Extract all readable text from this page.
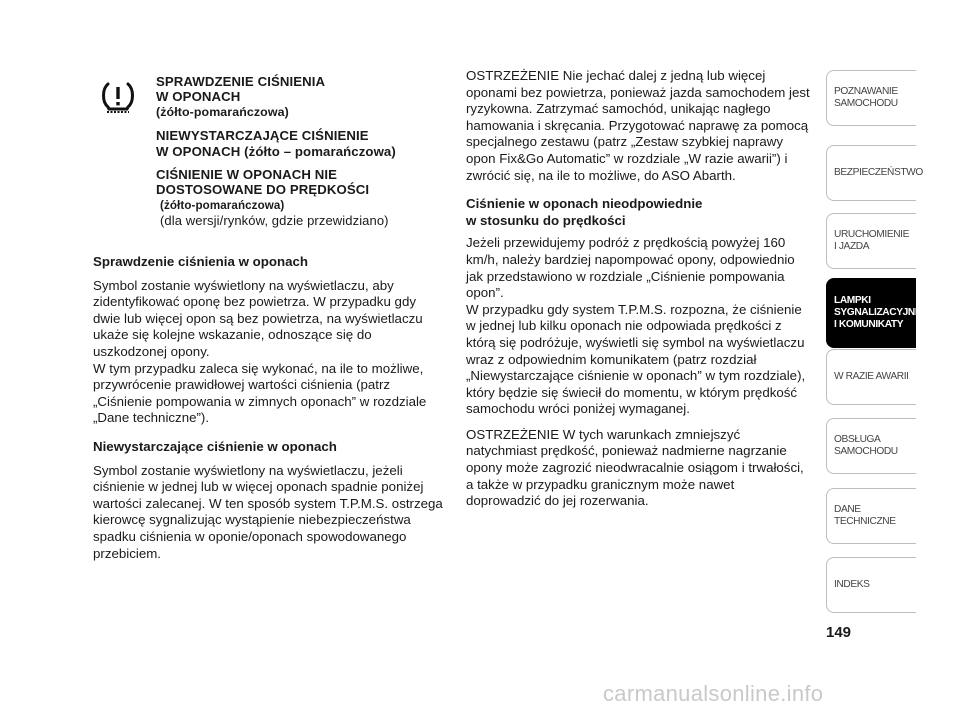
SPRAWDZENIE CIŚNIENIA
W OPONACH
(żółto-pomarańczowa)
NIEWYSTARCZAJĄCE CIŚNIENIE
W OPONACH (żółto – pomarańczowa)
CIŚNIENIE W OPONACH NIE
DOSTOSOWANE DO PRĘDKOŚCI
(żółto-pomarańczowa)
(dla wersji/rynków, gdzie przewidziano)
Sprawdzenie ciśnienia w oponach

Symbol zostanie wyświetlony na wyświetlaczu, aby zidentyfikować oponę bez powietrza. W przypadku gdy dwie lub więcej opon są bez powietrza, na wyświetlaczu ukaże się kolejne wskazanie, odnoszące się do uszkodzonej opony.

W tym przypadku zaleca się wykonać, na ile to możliwe, przywrócenie prawidłowej wartości ciśnienia (patrz „Ciśnienie pompowania w zimnych oponach” w rozdziale „Dane techniczne”).

Niewystarczające ciśnienie w oponach

Symbol zostanie wyświetlony na wyświetlaczu, jeżeli ciśnienie w jednej lub w więcej oponach spadnie poniżej wartości zalecanej. W ten sposób system T.P.M.S. ostrzega kierowcę sygnalizując wystąpienie niebezpieczeństwa spadku ciśnienia w oponie/oponach spowodowanego przebiciem.

OSTRZEŻENIE Nie jechać dalej z jedną lub więcej oponami bez powietrza, ponieważ jazda samochodem jest ryzykowna. Zatrzymać samochód, unikając nagłego hamowania i skręcania. Przygotować naprawę za pomocą specjalnego zestawu (patrz „Zestaw szybkiej naprawy opon Fix&Go Automatic” w rozdziale „W razie awarii”) i zwrócić się, na ile to możliwe, do ASO Abarth.

Ciśnienie w oponach nieodpowiednie
w stosunku do prędkości

Jeżeli przewidujemy podróż z prędkością powyżej 160 km/h, należy bardziej napompować opony, odpowiednio jak przedstawiono w rozdziale „Ciśnienie pompowania opon”.

W przypadku gdy system T.P.M.S. rozpozna, że ciśnienie w jednej lub kilku oponach nie odpowiada prędkości z którą się podróżuje, wyświetli się symbol na wyświetlaczu wraz z odpowiednim komunikatem (patrz rozdział „Niewystarczające ciśnienie w oponach” w tym rozdziale), który będzie się świecił do momentu, w którym prędkość samochodu wróci poniżej wymaganej.

OSTRZEŻENIE W tych warunkach zmniejszyć natychmiast prędkość, ponieważ nadmierne nagrzanie opony może zagrozić nieodwracalnie osiągom i trwałości, a także w przypadku granicznym może nawet doprowadzić do jej rozerwania.

POZNAWANIE
SAMOCHODU
BEZPIECZEŃSTWO
URUCHOMIENIE
I JAZDA
LAMPKI
SYGNALIZACYJNE
I KOMUNIKATY
W RAZIE AWARII
OBSŁUGA
SAMOCHODU
DANE
TECHNICZNE
INDEKS
149
carmanualsonline.info
